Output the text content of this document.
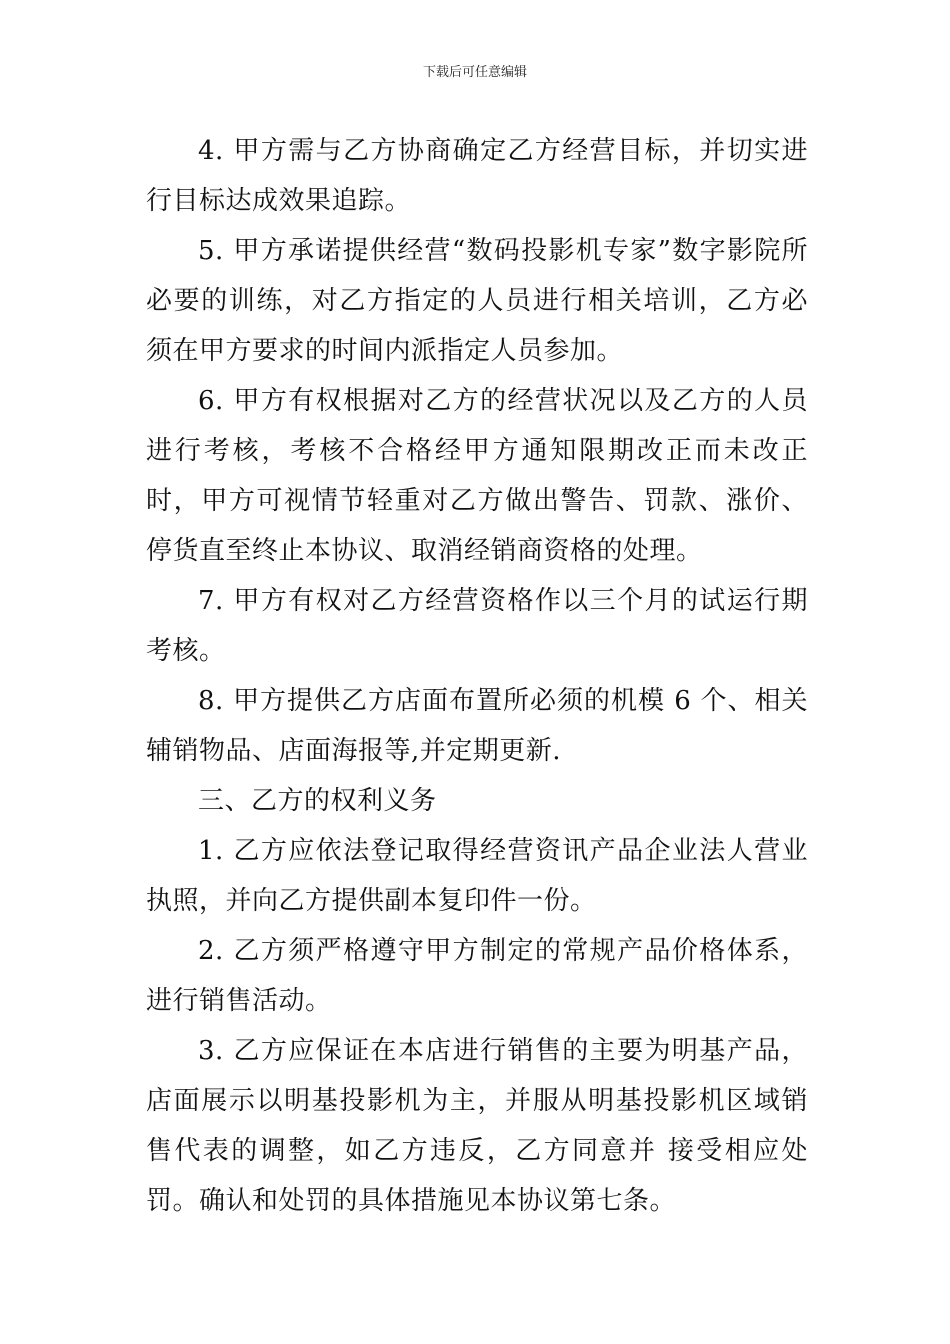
下载后可任意编辑

4. 甲方需与乙方协商确定乙方经营目标，并切实进行目标达成效果追踪。

5. 甲方承诺提供经营“数码投影机专家”数字影院所必要的训练，对乙方指定的人员进行相关培训，乙方必须在甲方要求的时间内派指定人员参加。

6. 甲方有权根据对乙方的经营状况以及乙方的人员进行考核，考核不合格经甲方通知限期改正而未改正时，甲方可视情节轻重对乙方做出警告、罚款、涨价、停货直至终止本协议、取消经销商资格的处理。

7. 甲方有权对乙方经营资格作以三个月的试运行期考核。

8. 甲方提供乙方店面布置所必须的机模 6 个、相关辅销物品、店面海报等,并定期更新.

三、乙方的权利义务

1. 乙方应依法登记取得经营资讯产品企业法人营业执照，并向乙方提供副本复印件一份。

2. 乙方须严格遵守甲方制定的常规产品价格体系，进行销售活动。

3. 乙方应保证在本店进行销售的主要为明基产品，店面展示以明基投影机为主，并服从明基投影机区域销售代表的调整，如乙方违反，乙方同意并 接受相应处罚。确认和处罚的具体措施见本协议第七条。
